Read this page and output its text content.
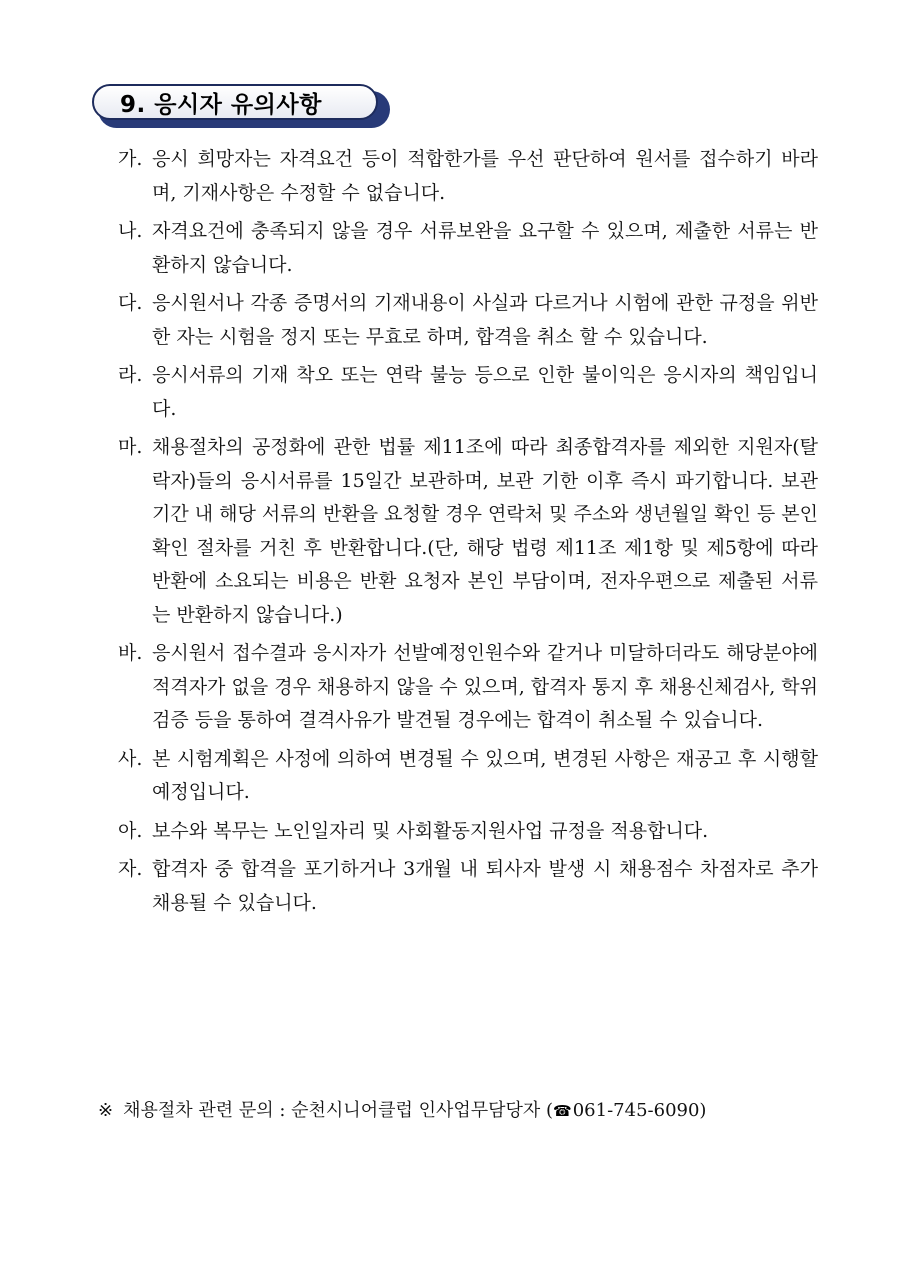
9. 응시자 유의사항
가. 응시 희망자는 자격요건 등이 적합한가를 우선 판단하여 원서를 접수하기 바라며, 기재사항은 수정할 수 없습니다.
나. 자격요건에 충족되지 않을 경우 서류보완을 요구할 수 있으며, 제출한 서류는 반환하지 않습니다.
다. 응시원서나 각종 증명서의 기재내용이 사실과 다르거나 시험에 관한 규정을 위반한 자는 시험을 정지 또는 무효로 하며, 합격을 취소 할 수 있습니다.
라. 응시서류의 기재 착오 또는 연락 불능 등으로 인한 불이익은 응시자의 책임입니다.
마. 채용절차의 공정화에 관한 법률 제11조에 따라 최종합격자를 제외한 지원자(탈락자)들의 응시서류를 15일간 보관하며, 보관 기한 이후 즉시 파기합니다. 보관 기간 내 해당 서류의 반환을 요청할 경우 연락처 및 주소와 생년월일 확인 등 본인 확인 절차를 거친 후 반환합니다.(단, 해당 법령 제11조 제1항 및 제5항에 따라 반환에 소요되는 비용은 반환 요청자 본인 부담이며, 전자우편으로 제출된 서류는 반환하지 않습니다.)
바. 응시원서 접수결과 응시자가 선발예정인원수와 같거나 미달하더라도 해당분야에 적격자가 없을 경우 채용하지 않을 수 있으며, 합격자 통지 후 채용신체검사, 학위검증 등을 통하여 결격사유가 발견될 경우에는 합격이 취소될 수 있습니다.
사. 본 시험계획은 사정에 의하여 변경될 수 있으며, 변경된 사항은 재공고 후 시행할 예정입니다.
아. 보수와 복무는 노인일자리 및 사회활동지원사업 규정을 적용합니다.
자. 합격자 중 합격을 포기하거나 3개월 내 퇴사자 발생 시 채용점수 차점자로 추가 채용될 수 있습니다.
※ 채용절차 관련 문의 : 순천시니어클럽 인사업무담당자 (☎061-745-6090)
